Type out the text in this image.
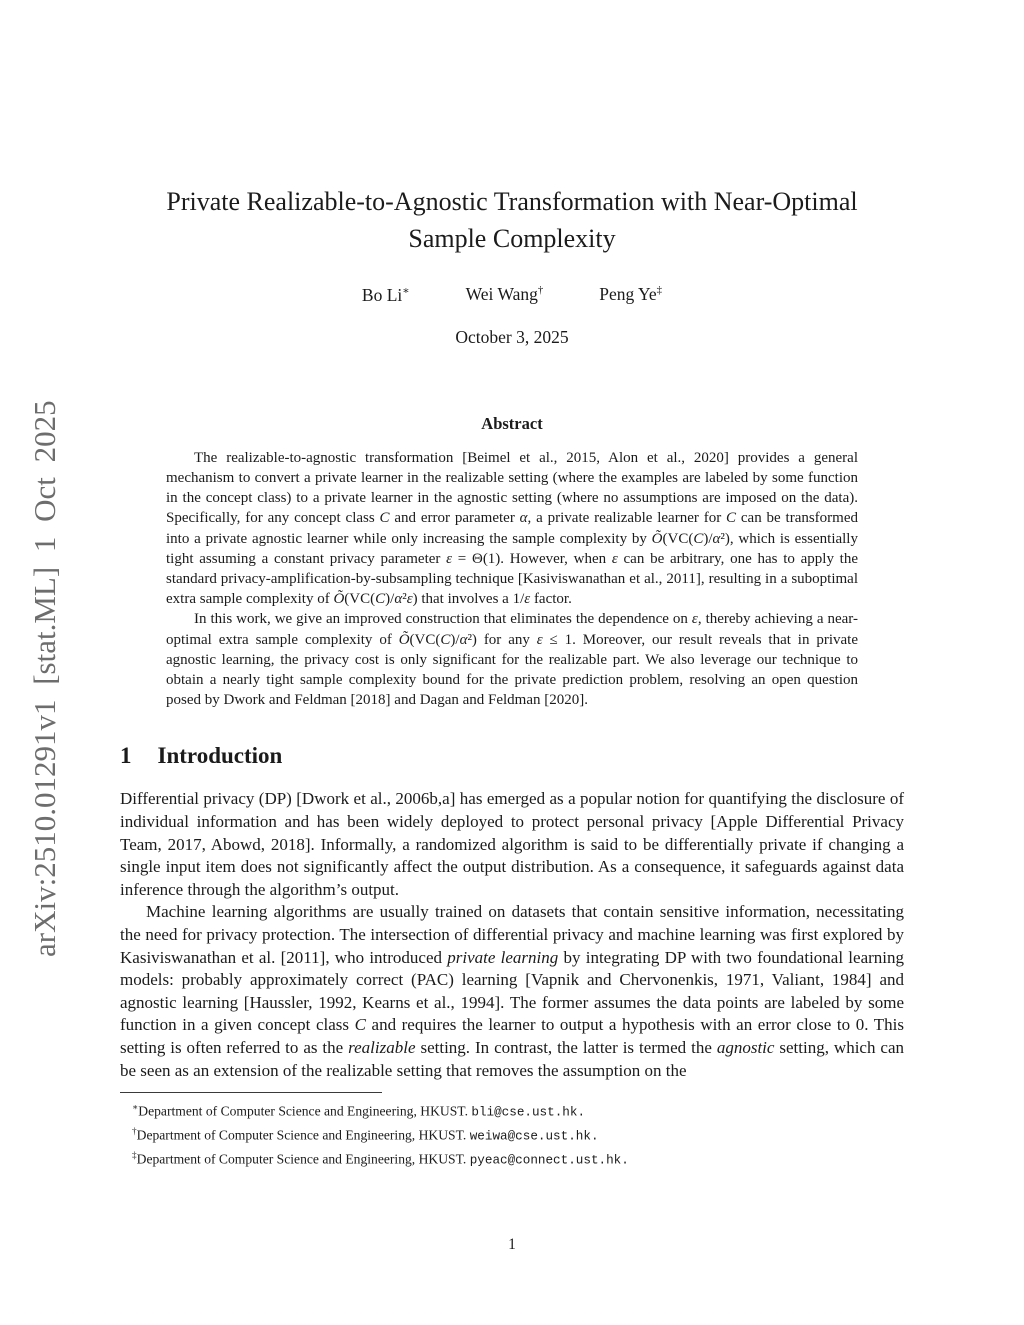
arXiv:2510.01291v1 [stat.ML] 1 Oct 2025
Private Realizable-to-Agnostic Transformation with Near-Optimal
Sample Complexity
Bo Li∗	Wei Wang†	Peng Ye‡
October 3, 2025
Abstract

The realizable-to-agnostic transformation [Beimel et al., 2015, Alon et al., 2020] provides a general mechanism to convert a private learner in the realizable setting (where the examples are labeled by some function in the concept class) to a private learner in the agnostic setting (where no assumptions are imposed on the data). Specifically, for any concept class C and error parameter α, a private realizable learner for C can be transformed into a private agnostic learner while only increasing the sample complexity by Õ(VC(C)/α²), which is essentially tight assuming a constant privacy parameter ε = Θ(1). However, when ε can be arbitrary, one has to apply the standard privacy-amplification-by-subsampling technique [Kasiviswanathan et al., 2011], resulting in a suboptimal extra sample complexity of Õ(VC(C)/α²ε) that involves a 1/ε factor.

In this work, we give an improved construction that eliminates the dependence on ε, thereby achieving a near-optimal extra sample complexity of Õ(VC(C)/α²) for any ε ≤ 1. Moreover, our result reveals that in private agnostic learning, the privacy cost is only significant for the realizable part. We also leverage our technique to obtain a nearly tight sample complexity bound for the private prediction problem, resolving an open question posed by Dwork and Feldman [2018] and Dagan and Feldman [2020].

1 Introduction

Differential privacy (DP) [Dwork et al., 2006b,a] has emerged as a popular notion for quantifying the disclosure of individual information and has been widely deployed to protect personal privacy [Apple Differential Privacy Team, 2017, Abowd, 2018]. Informally, a randomized algorithm is said to be differentially private if changing a single input item does not significantly affect the output distribution. As a consequence, it safeguards against data inference through the algorithm’s output.

Machine learning algorithms are usually trained on datasets that contain sensitive information, necessitating the need for privacy protection. The intersection of differential privacy and machine learning was first explored by Kasiviswanathan et al. [2011], who introduced private learning by integrating DP with two foundational learning models: probably approximately correct (PAC) learning [Vapnik and Chervonenkis, 1971, Valiant, 1984] and agnostic learning [Haussler, 1992, Kearns et al., 1994]. The former assumes the data points are labeled by some function in a given concept class C and requires the learner to output a hypothesis with an error close to 0. This setting is often referred to as the realizable setting. In contrast, the latter is termed the agnostic setting, which can be seen as an extension of the realizable setting that removes the assumption on the

∗Department of Computer Science and Engineering, HKUST. bli@cse.ust.hk.

†Department of Computer Science and Engineering, HKUST. weiwa@cse.ust.hk.

‡Department of Computer Science and Engineering, HKUST. pyeac@connect.ust.hk.

1
